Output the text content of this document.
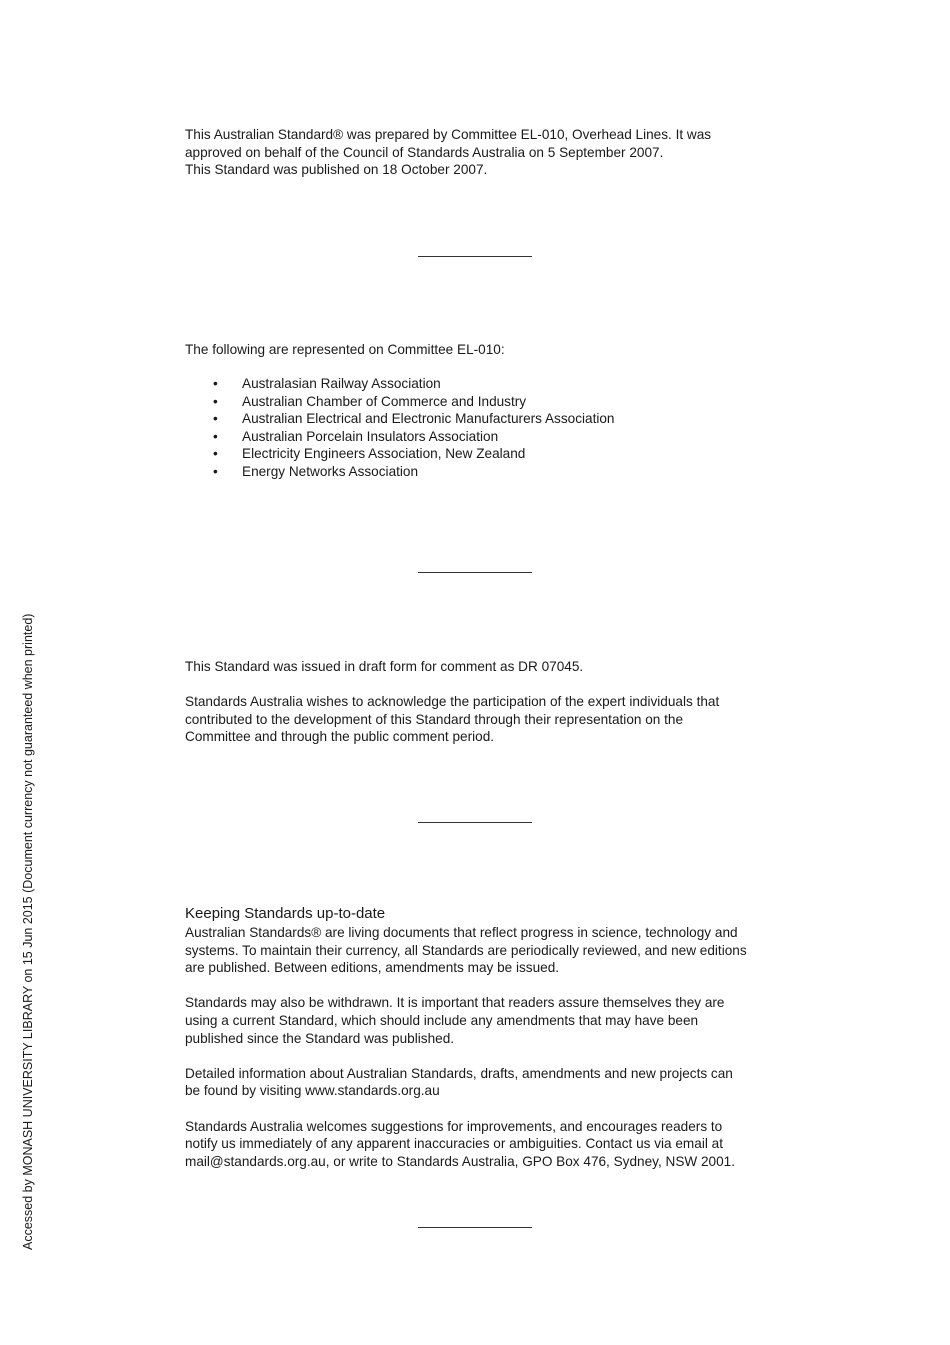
This Australian Standard® was prepared by Committee EL-010, Overhead Lines. It was

approved on behalf of the Council of Standards Australia on 5 September 2007.

This Standard was published on 18 October 2007.

The following are represented on Committee EL-010:

• Australasian Railway Association
• Australian Chamber of Commerce and Industry
• Australian Electrical and Electronic Manufacturers Association
• Australian Porcelain Insulators Association
• Electricity Engineers Association, New Zealand
• Energy Networks Association

This Standard was issued in draft form for comment as DR 07045.

Standards Australia wishes to acknowledge the participation of the expert individuals that

contributed to the development of this Standard through their representation on the

Committee and through the public comment period.

Keeping Standards up-to-date

Australian Standards® are living documents that reflect progress in science, technology and

systems. To maintain their currency, all Standards are periodically reviewed, and new editions

are published. Between editions, amendments may be issued.

Standards may also be withdrawn. It is important that readers assure themselves they are

using a current Standard, which should include any amendments that may have been

published since the Standard was published.

Detailed information about Australian Standards, drafts, amendments and new projects can

be found by visiting www.standards.org.au

Standards Australia welcomes suggestions for improvements, and encourages readers to

notify us immediately of any apparent inaccuracies or ambiguities. Contact us via email at

mail@standards.org.au, or write to Standards Australia, GPO Box 476, Sydney, NSW 2001.

Accessed by MONASH UNIVERSITY LIBRARY on 15 Jun 2015 (Document currency not guaranteed when printed)
